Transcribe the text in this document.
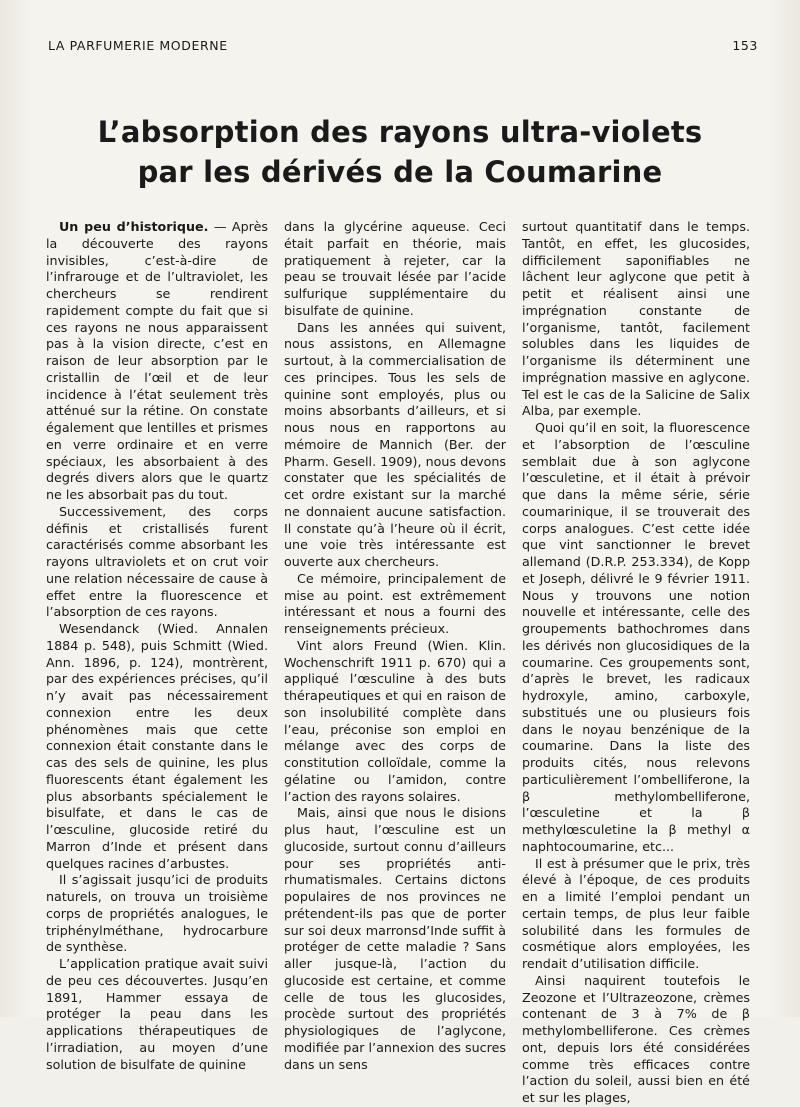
LA PARFUMERIE MODERNE	153
L’absorption des rayons ultra-violets
par les dérivés de la Coumarine

Un peu d’historique. — Après la découverte des rayons invisibles, c’est-à-dire de l’infrarouge et de l’ultraviolet, les chercheurs se rendirent rapidement compte du fait que si ces rayons ne nous apparaissent pas à la vision directe, c’est en raison de leur absorption par le cristallin de l’œil et de leur incidence à l’état seulement très atténué sur la rétine. On constate également que lentilles et prismes en verre ordinaire et en verre spéciaux, les absorbaient à des degrés divers alors que le quartz ne les absorbait pas du tout.

Successivement, des corps définis et cristallisés furent caractérisés comme absorbant les rayons ultraviolets et on crut voir une relation nécessaire de cause à effet entre la fluorescence et l’absorption de ces rayons.

Wesendanck (Wied. Annalen 1884 p. 548), puis Schmitt (Wied. Ann. 1896, p. 124), montrèrent, par des expériences précises, qu’il n’y avait pas nécessairement connexion entre les deux phénomènes mais que cette connexion était constante dans le cas des sels de quinine, les plus fluorescents étant également les plus absorbants spécialement le bisulfate, et dans le cas de l’œsculine, glucoside retiré du Marron d’Inde et présent dans quelques racines d’arbustes.

Il s’agissait jusqu’ici de produits naturels, on trouva un troisième corps de propriétés analogues, le triphénylméthane, hydrocarbure de synthèse.

L’application pratique avait suivi de peu ces découvertes. Jusqu’en 1891, Hammer essaya de protéger la peau dans les applications thérapeutiques de l’irradiation, au moyen d’une solution de bisulfate de quinine

dans la glycérine aqueuse. Ceci était parfait en théorie, mais pratiquement à rejeter, car la peau se trouvait lésée par l’acide sulfurique supplémentaire du bisulfate de quinine.

Dans les années qui suivent, nous assistons, en Allemagne surtout, à la commercialisation de ces principes. Tous les sels de quinine sont employés, plus ou moins absorbants d’ailleurs, et si nous nous en rapportons au mémoire de Mannich (Ber. der Pharm. Gesell. 1909), nous devons constater que les spécialités de cet ordre existant sur la marché ne donnaient aucune satisfaction. Il constate qu’à l’heure où il écrit, une voie très intéressante est ouverte aux chercheurs.

Ce mémoire, principalement de mise au point. est extrêmement intéressant et nous a fourni des renseignements précieux.

Vint alors Freund (Wien. Klin. Wochenschrift 1911 p. 670) qui a appliqué l’œsculine à des buts thérapeutiques et qui en raison de son insolubilité complète dans l’eau, préconise son emploi en mélange avec des corps de constitution colloïdale, comme la gélatine ou l’amidon, contre l’action des rayons solaires.

Mais, ainsi que nous le disions plus haut, l’œsculine est un glucoside, surtout connu d’ailleurs pour ses propriétés anti-rhumatismales. Certains dictons populaires de nos provinces ne prétendent-ils pas que de porter sur soi deux marronsd’Inde suffit à protéger de cette maladie ? Sans aller jusque-là, l’action du glucoside est certaine, et comme celle de tous les glucosides, procède surtout des propriétés physiologiques de l’aglycone, modifiée par l’annexion des sucres dans un sens

surtout quantitatif dans le temps. Tantôt, en effet, les glucosides, difficilement saponifiables ne lâchent leur aglycone que petit à petit et réalisent ainsi une imprégnation constante de l’organisme, tantôt, facilement solubles dans les liquides de l’organisme ils déterminent une imprégnation massive en aglycone. Tel est le cas de la Salicine de Salix Alba, par exemple.

Quoi qu’il en soit, la fluorescence et l’absorption de l’œsculine semblait due à son aglycone l’œsculetine, et il était à prévoir que dans la même série, série coumarinique, il se trouverait des corps analogues. C’est cette idée que vint sanctionner le brevet allemand (D.R.P. 253.334), de Kopp et Joseph, délivré le 9 février 1911. Nous y trouvons une notion nouvelle et intéressante, celle des groupements bathochromes dans les dérivés non glucosidiques de la coumarine. Ces groupements sont, d’après le brevet, les radicaux hydroxyle, amino, carboxyle, substitués une ou plusieurs fois dans le noyau benzénique de la coumarine. Dans la liste des produits cités, nous relevons particulièrement l’ombelliferone, la β methylombelliferone, l’œsculetine et la β methylœsculetine la β methyl α naphtocoumarine, etc...

Il est à présumer que le prix, très élevé à l’époque, de ces produits en a limité l’emploi pendant un certain temps, de plus leur faible solubilité dans les formules de cosmétique alors employées, les rendait d’utilisation difficile.

Ainsi naquirent toutefois le Zeozone et l’Ultrazeozone, crèmes contenant de 3 à 7% de β methylombelliferone. Ces crèmes ont, depuis lors été considérées comme très efficaces contre l’action du soleil, aussi bien en été et sur les plages,
